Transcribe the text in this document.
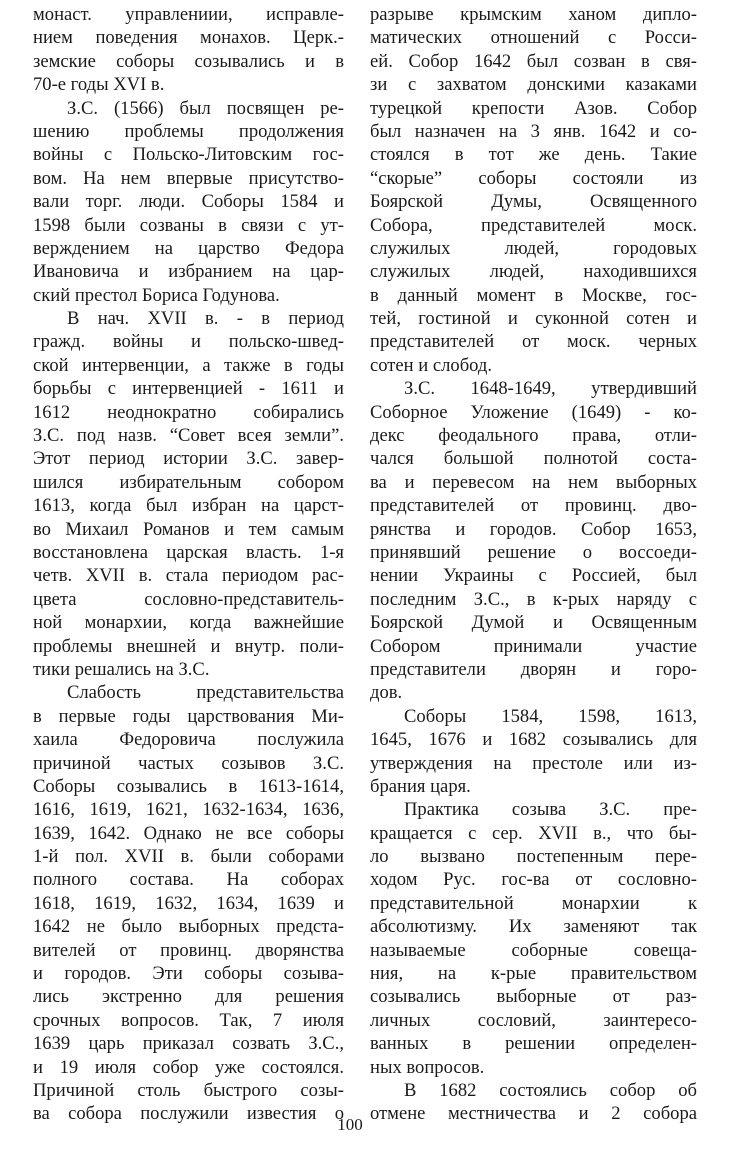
монаст. управлениии, исправле-
нием поведения монахов. Церк.-
земские соборы созывались и в
70-е годы XVI в.
З.С. (1566) был посвящен ре-
шению проблемы продолжения
войны с Польско-Литовским гос-
вом. На нем впервые присутство-
вали торг. люди. Соборы 1584 и
1598 были созваны в связи с ут-
верждением на царство Федора
Ивановича и избранием на цар-
ский престол Бориса Годунова.
В нач. XVII в. - в период
гражд. войны и польско-швед-
ской интервенции, а также в годы
борьбы с интервенцией - 1611 и
1612 неоднократно собирались
З.С. под назв. “Совет всея земли”.
Этот период истории З.С. завер-
шился избирательным собором
1613, когда был избран на царст-
во Михаил Романов и тем самым
восстановлена царская власть. 1-я
четв. XVII в. стала периодом рас-
цвета сословно-представитель-
ной монархии, когда важнейшие
проблемы внешней и внутр. поли-
тики решались на З.С.
Слабость представительства
в первые годы царствования Ми-
хаила Федоровича послужила
причиной частых созывов З.С.
Соборы созывались в 1613-1614,
1616, 1619, 1621, 1632-1634, 1636,
1639, 1642. Однако не все соборы
1-й пол. XVII в. были соборами
полного состава. На соборах
1618, 1619, 1632, 1634, 1639 и
1642 не было выборных предста-
вителей от провинц. дворянства
и городов. Эти соборы созыва-
лись экстренно для решения
срочных вопросов. Так, 7 июля
1639 царь приказал созвать З.С.,
и 19 июля собор уже состоялся.
Причиной столь быстрого созы-
ва собора послужили известия о
разрыве крымским ханом дипло-
матических отношений с Росси-
ей. Собор 1642 был созван в свя-
зи с захватом донскими казаками
турецкой крепости Азов. Собор
был назначен на 3 янв. 1642 и со-
стоялся в тот же день. Такие
“скорые” соборы состояли из
Боярской Думы, Освященного
Собора, представителей моск.
служилых людей, городовых
служилых людей, находившихся
в данный момент в Москве, гос-
тей, гостиной и суконной сотен и
представителей от моск. черных
сотен и слобод.
З.С. 1648-1649, утвердивший
Соборное Уложение (1649) - ко-
декс феодального права, отли-
чался большой полнотой соста-
ва и перевесом на нем выборных
представителей от провинц. дво-
рянства и городов. Собор 1653,
принявший решение о воссоеди-
нении Украины с Россией, был
последним З.С., в к-рых наряду с
Боярской Думой и Освященным
Собором принимали участие
представители дворян и горо-
дов.
Соборы 1584, 1598, 1613,
1645, 1676 и 1682 созывались для
утверждения на престоле или из-
брания царя.
Практика созыва З.С. пре-
кращается с сер. XVII в., что бы-
ло вызвано постепенным пере-
ходом Рус. гос-ва от сословно-
представительной монархии к
абсолютизму. Их заменяют так
называемые соборные совеща-
ния, на к-рые правительством
созывались выборные от раз-
личных сословий, заинтересо-
ванных в решении определен-
ных вопросов.
В 1682 состоялись собор об
отмене местничества и 2 собора
100
